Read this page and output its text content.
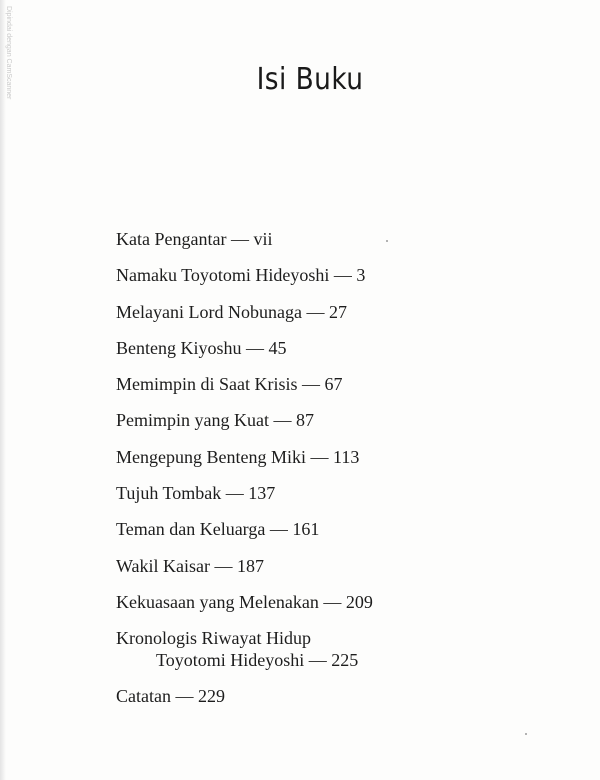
Dipindai dengan CamScanner	Isi Buku
Kata Pengantar — vii
Namaku Toyotomi Hideyoshi — 3
Melayani Lord Nobunaga — 27
Benteng Kiyoshu — 45
Memimpin di Saat Krisis — 67
Pemimpin yang Kuat — 87
Mengepung Benteng Miki — 113
Tujuh Tombak — 137
Teman dan Keluarga — 161
Wakil Kaisar — 187
Kekuasaan yang Melenakan — 209
Kronologis Riwayat Hidup
Toyotomi Hideyoshi — 225
Catatan — 229
